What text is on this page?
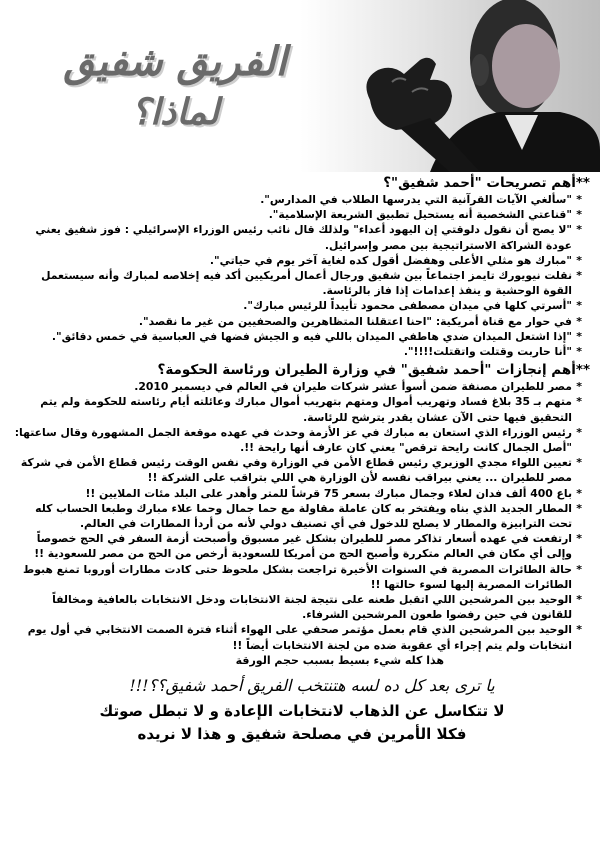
الفريق شفيق
لماذا؟
**أهم تصريحات "أحمد شفيق"؟
* "سألغي الآيات القرآنية التي يدرسها الطلاب في المدارس".
* "قناعتي الشخصية أنه يستحيل تطبيق الشريعة الإسلامية".
* "لا يصح أن نقول دلوقتي إن اليهود أعداء" ولذلك قال نائب رئيس الوزراء الإسرائيلي : فوز شفيق يعني عودة الشراكة الاستراتيجية بين مصر وإسرائيل.
* "مبارك هو مثلي الأعلى وهفضل أقول كده لغاية آخر يوم في حياتي".
* نقلت نيويورك تايمز اجتماعاً بين شفيق ورجال أعمال أمريكيين أكد فيه إخلاصه لمبارك وأنه سيستعمل القوة الوحشية و ينفذ إعدامات إذا فاز بالرئاسة.
* "أسرتي كلها في ميدان مصطفى محمود تأييداً للرئيس مبارك".
* في حوار مع قناة أمريكية: "احنا اعتقلنا المتظاهرين والصحفيين من غير ما نقصد".
* "إذا اشتعل الميدان ضدي هاطفي الميدان باللي فيه و الجيش فضها في العباسية في خمس دقائق".
* "أنا حاربت وقتلت واتقتلت!!!!".
**أهم إنجازات "أحمد شفيق" في وزارة الطيران ورئاسة الحكومة؟
* مصر للطيران مصنفة ضمن أسوأ عشر شركات طيران في العالم في ديسمبر 2010.
* متهم بـ 35 بلاغ فساد وتهريب أموال ومتهم بتهريب أموال مبارك وعائلته أيام رئاسته للحكومة ولم يتم التحقيق فيها حتى الآن عشان يقدر يترشح للرئاسة.
* رئيس الوزراء الذي استعان به مبارك في عز الأزمة وحدث في عهده موقعة الجمل المشهورة وقال ساعتها: "أصل الجمال كانت رايحة ترقص" يعني كان عارف أنها رايحة !!.
* تعيين اللواء مجدي الوزيري رئيس قطاع الأمن في الوزارة وفي نفس الوقت رئيس قطاع الأمن في شركة مصر للطيران ... يعني بيراقب نفسه لأن الوزارة هي اللي بتراقب على الشركة !!
* باع 400 ألف فدان لعلاء وجمال مبارك بسعر 75 قرشاً للمتر وأهدر على البلد مئات الملايين !!
* المطار الجديد الذي بناه ويفتخر به كان عاملة مقاولة مع حما جمال وحما علاء مبارك وطبعا الحساب كله تحت الترابيزة والمطار لا يصلح للدخول في أي تصنيف دولي لأنه من أردأ المطارات في العالم.
* ارتفعت في عهده أسعار تذاكر مصر للطيران بشكل غير مسبوق وأصبحت أزمة السفر في الحج خصوصاً وإلى أي مكان في العالم متكررة وأصبح الحج من أمريكا للسعودية أرخص من الحج من مصر للسعودية !!
* حالة الطائرات المصرية في السنوات الأخيرة تراجعت بشكل ملحوظ حتى كادت مطارات أوروبا تمنع هبوط الطائرات المصرية إليها لسوء حالتها !!
* الوحيد بين المرشحين اللي اتقبل طعنه على نتيجة لجنة الانتخابات ودخل الانتخابات بالعافية ومخالفاً للقانون في حين رفضوا طعون المرشحين الشرفاء.
* الوحيد بين المرشحين الذي قام بعمل مؤتمر صحفي على الهواء أثناء فترة الصمت الانتخابي في أول يوم انتخابات ولم يتم إجراء أي عقوبة ضده من لجنة الانتخابات أيضاً !!
هذا كله شيء بسيط بسبب حجم الورقة
يا ترى بعد كل ده لسه هتنتخب الفريق أحمد شفيق؟؟!!!
لا تتكاسل عن الذهاب لانتخابات الإعادة و لا تبطل صوتك
فكلا الأمرين في مصلحة شفيق و هذا لا نريده
